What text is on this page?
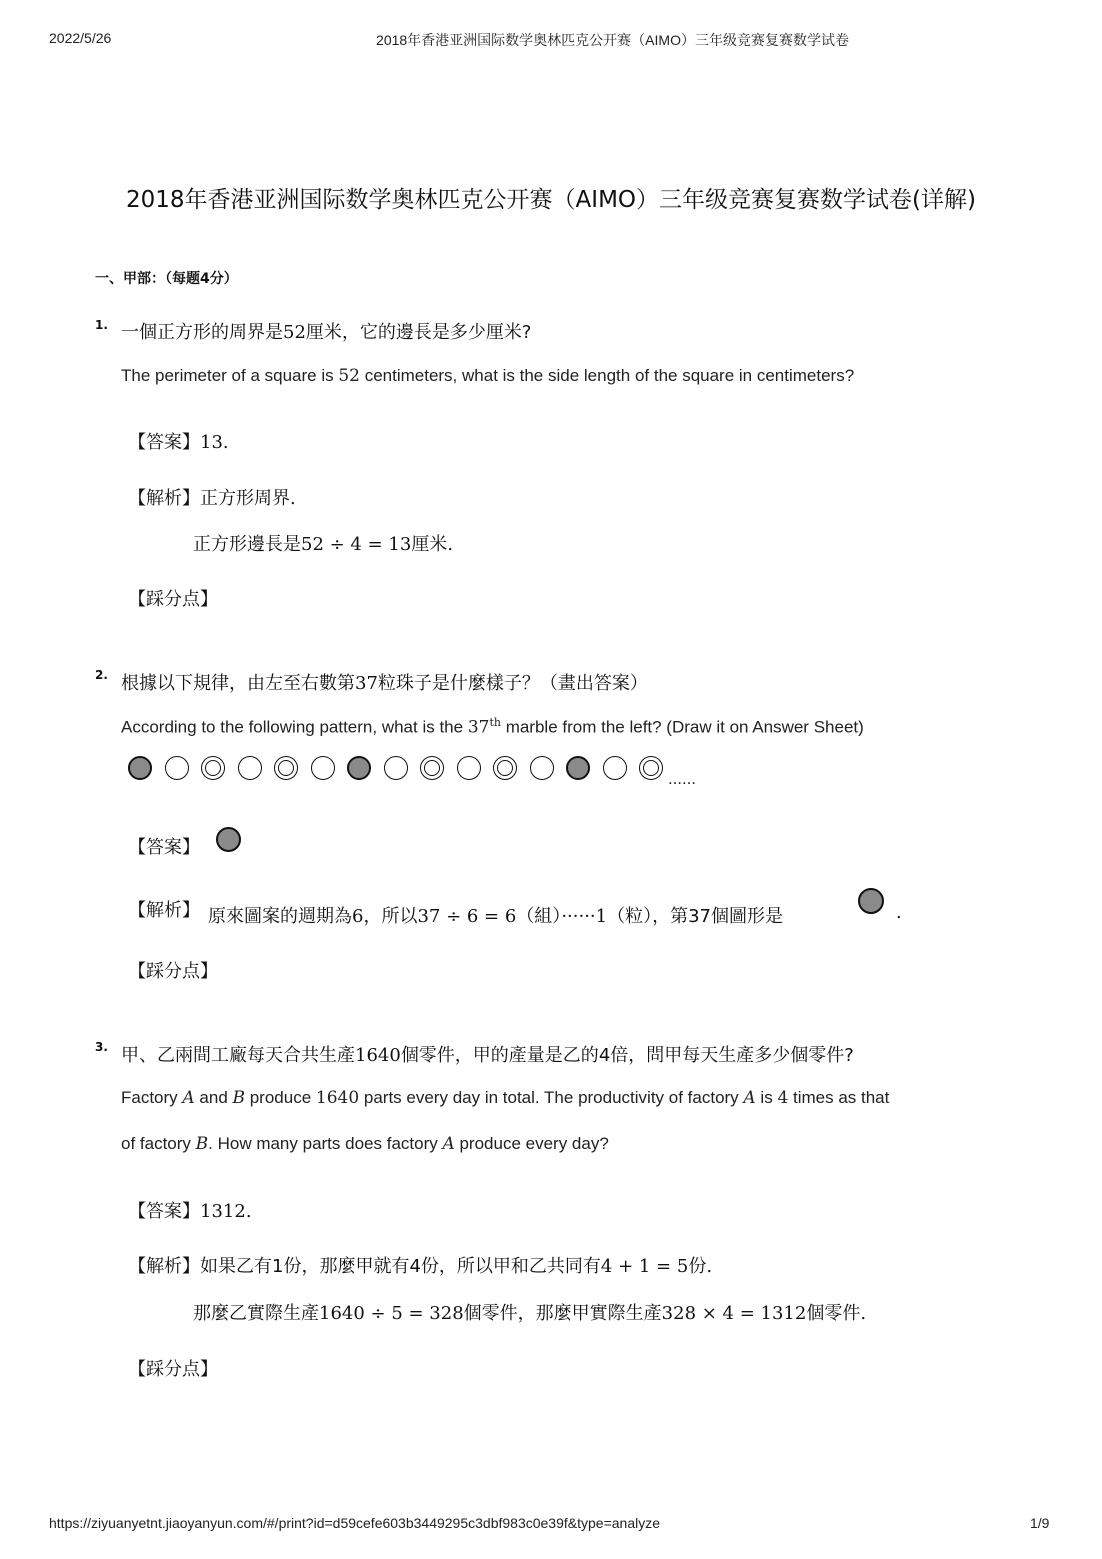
2022/5/26	2018年香港亚洲国际数学奥林匹克公开赛（AIMO）三年级竞赛复赛数学试卷
2018年香港亚洲国际数学奥林匹克公开赛（AIMO）三年级竞赛复赛数学试卷(详解)
一、甲部：（每题4分）
1. 一個正方形的周界是52厘米，它的邊長是多少厘米?
The perimeter of a square is 52 centimeters, what is the side length of the square in centimeters?
【答案】13.
【解析】正方形周界.
正方形邊長是52 ÷ 4 = 13厘米.
【踩分点】
2. 根據以下規律，由左至右數第37粒珠子是什麼樣子？（畫出答案）
According to the following pattern, what is the 37th marble from the left? (Draw it on Answer Sheet)
……
【答案】
【解析】 原來圖案的週期為6，所以37 ÷ 6 = 6（組）······1（粒），第37個圖形是	.
【踩分点】
3. 甲、乙兩間工廠每天合共生產1640個零件，甲的產量是乙的4倍，問甲每天生產多少個零件?
Factory A and B produce 1640 parts every day in total. The productivity of factory A is 4 times as that
of factory B. How many parts does factory A produce every day?
【答案】1312.
【解析】如果乙有1份，那麼甲就有4份，所以甲和乙共同有4 + 1 = 5份.
那麼乙實際生產1640 ÷ 5 = 328個零件，那麼甲實際生產328 × 4 = 1312個零件.
【踩分点】
https://ziyuanyetnt.jiaoyanyun.com/#/print?id=d59cefe603b3449295c3dbf983c0e39f&type=analyze	1/9
